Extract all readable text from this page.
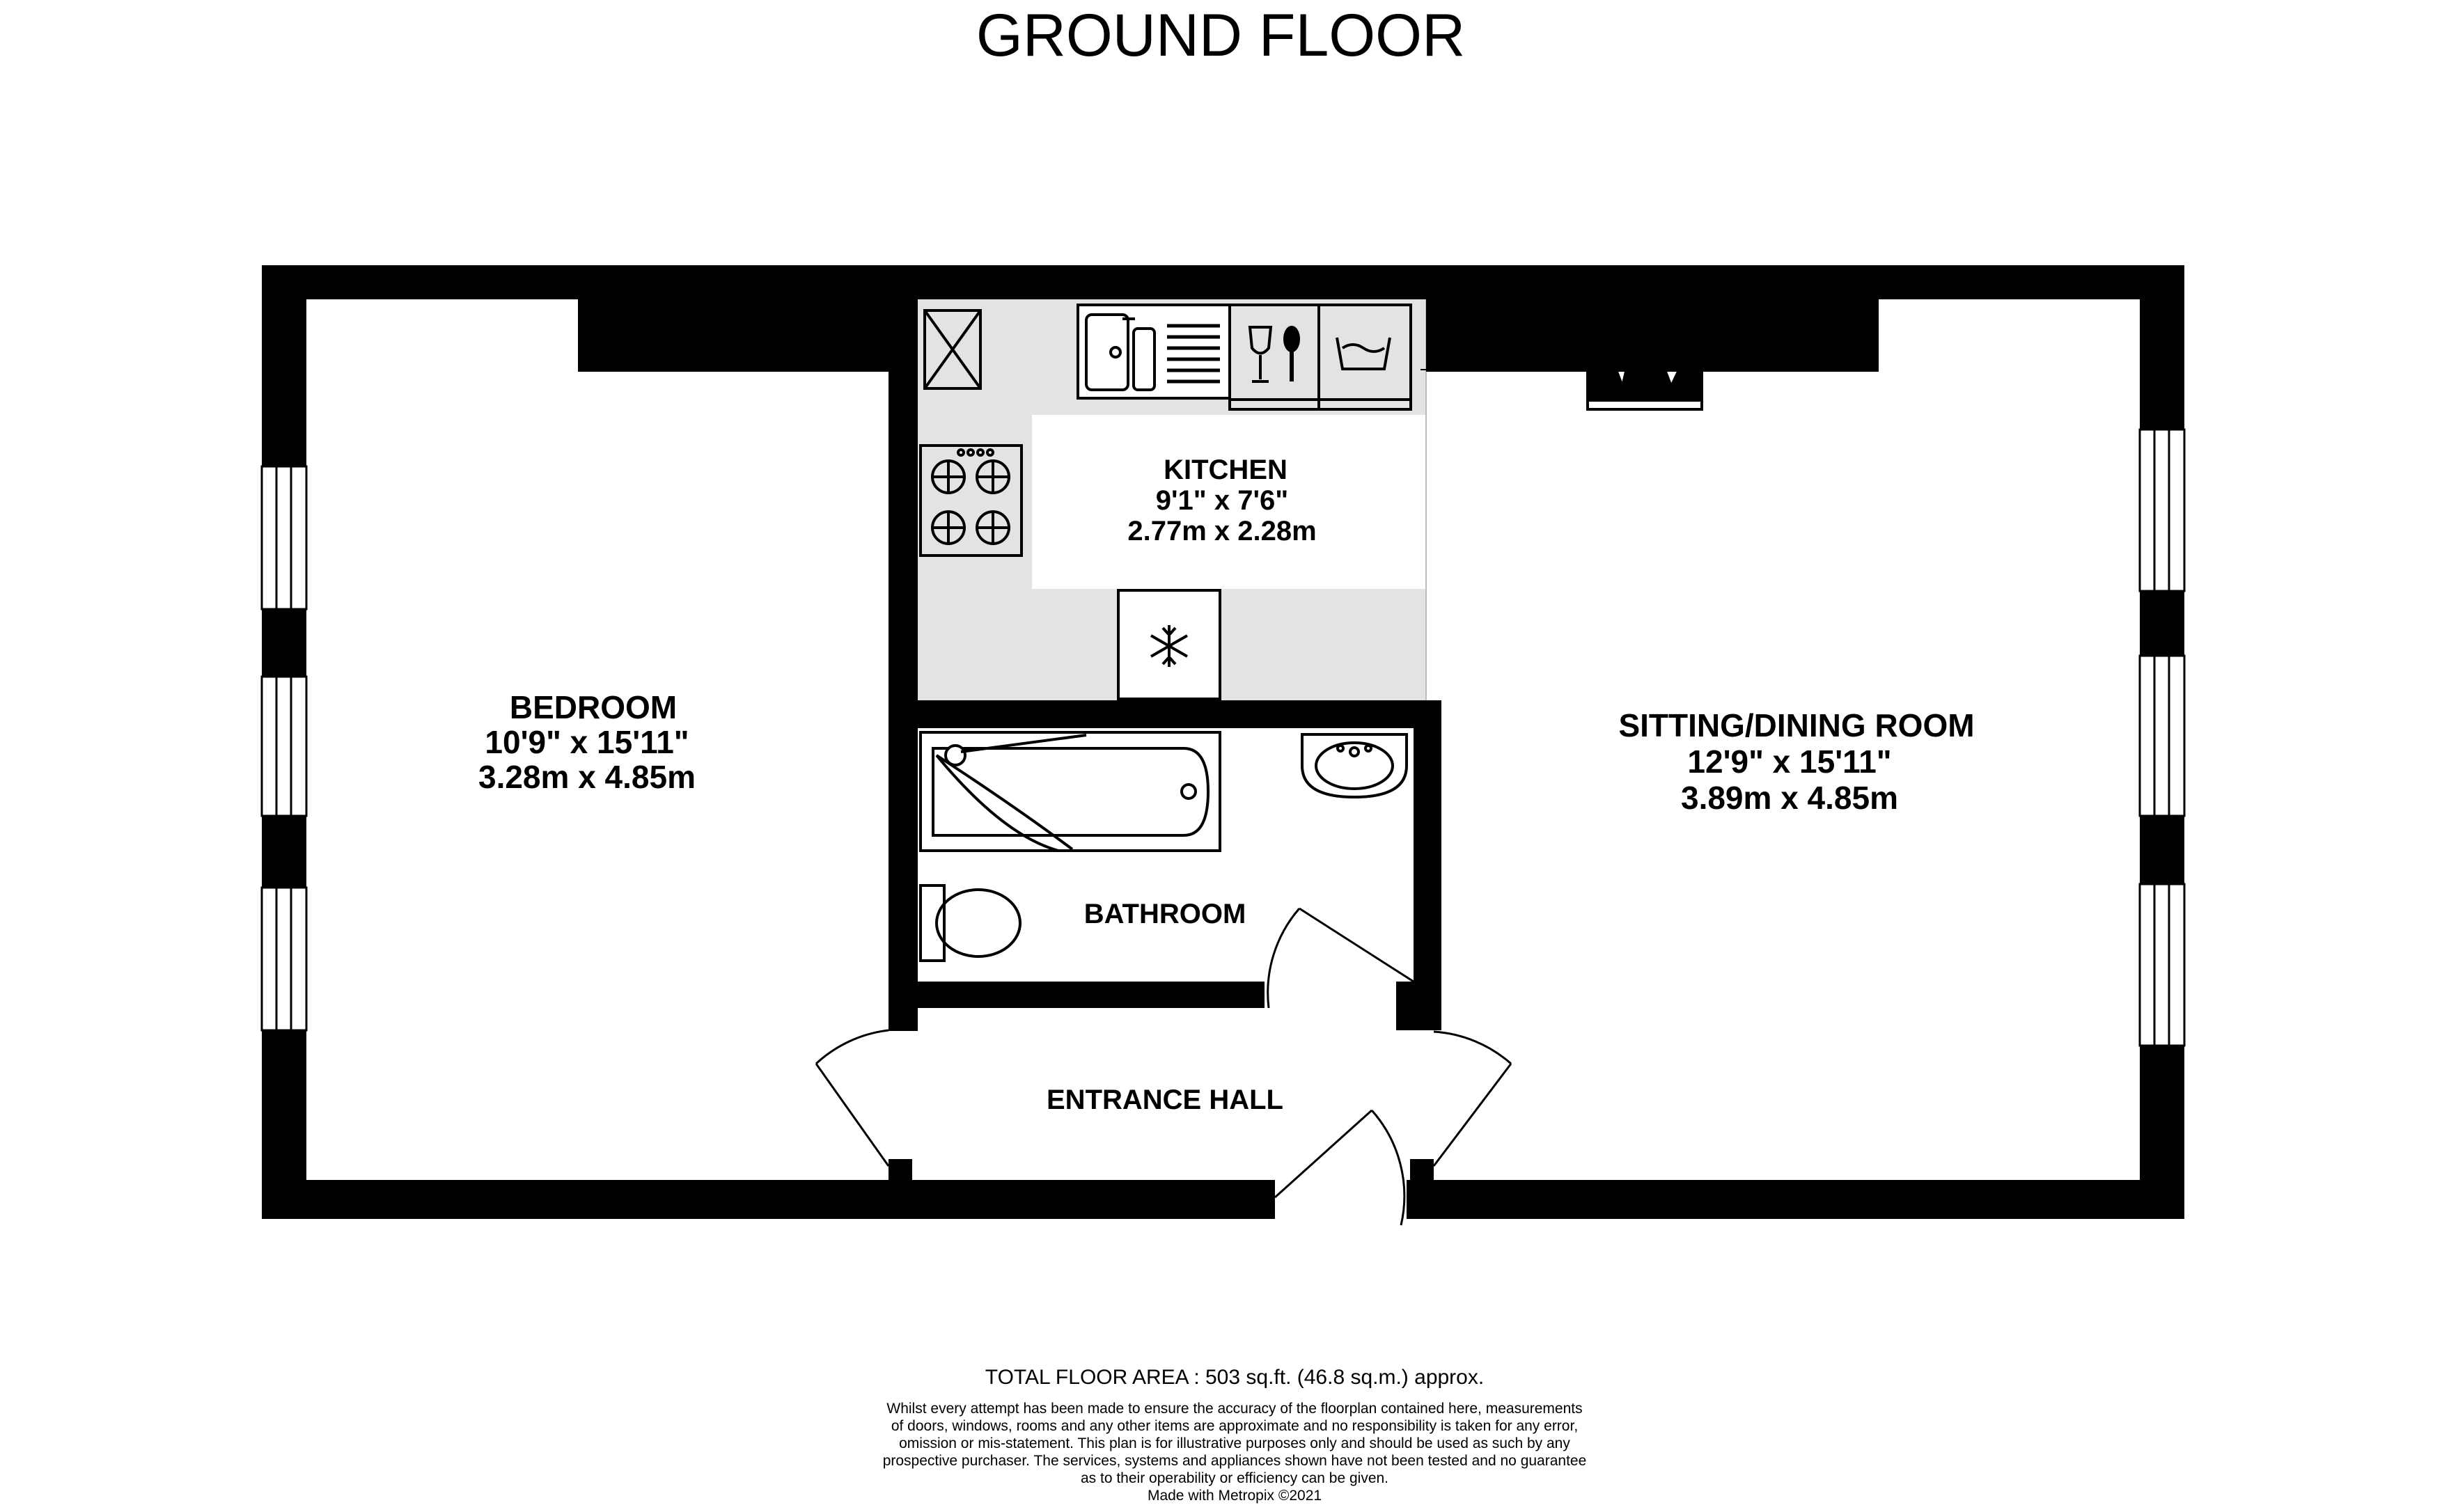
GROUND FLOOR
BEDROOM
10'9" x 15'11"
3.28m x 4.85m
KITCHEN
9'1" x 7'6"
2.77m x 2.28m
SITTING/DINING ROOM
12'9" x 15'11"
3.89m x 4.85m
BATHROOM
ENTRANCE HALL
TOTAL FLOOR AREA : 503 sq.ft. (46.8 sq.m.) approx.
Whilst every attempt has been made to ensure the accuracy of the floorplan contained here, measurements
of doors, windows, rooms and any other items are approximate and no responsibility is taken for any error,
omission or mis-statement. This plan is for illustrative purposes only and should be used as such by any
prospective purchaser. The services, systems and appliances shown have not been tested and no guarantee
as to their operability or efficiency can be given.
Made with Metropix ©2021
